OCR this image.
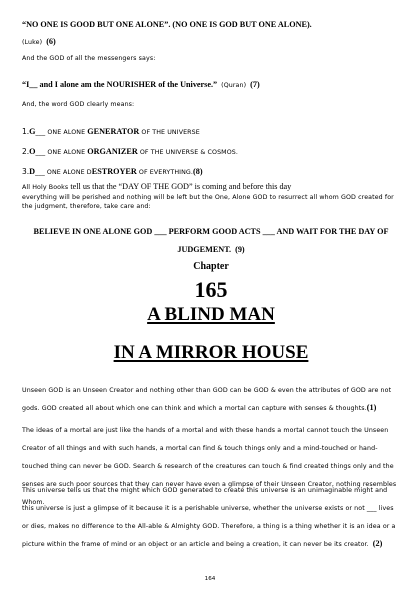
“NO ONE IS GOOD BUT ONE ALONE”. (NO ONE IS GOD BUT ONE ALONE).

(Luke) (6)

And the GOD of all the messengers says:
“I__ and I alone am the NOURISHER of the Universe.” (Quran) (7)
And, the word GOD clearly means:
1.G___ ONE ALONE GENERATOR OF THE UNIVERSE
2.O___ ONE ALONE ORGANIZER OF THE UNIVERSE & COSMOS.
3.D___ ONE ALONE DESTROYER OF EVERYTHING.(8)

All Holy Books tell us that the “DAY OF THE GOD” is coming and before this day

everything will be perished and nothing will be left but the One, Alone GOD to resurrect all whom GOD created for the judgment, therefore, take care and:

BELIEVE IN ONE ALONE GOD ___ PERFORM GOOD ACTS ___ AND WAIT FOR THE DAY OF JUDGEMENT. (9)
Chapter
165
A BLIND MAN
IN A MIRROR HOUSE

Unseen GOD is an Unseen Creator and nothing other than GOD can be GOD & even the attributes of GOD are not gods. GOD created all about which one can think and which a mortal can capture with senses & thoughts.(1)

The ideas of a mortal are just like the hands of a mortal and with these hands a mortal cannot touch the Unseen Creator of all things and with such hands, a mortal can find & touch things only and a mind-touched or hand-touched thing can never be GOD. Search & research of the creatures can touch & find created things only and the senses are such poor sources that they can never have even a glimpse of their Unseen Creator, nothing resembles Whom.

This universe tells us that the might which GOD generated to create this universe is an unimaginable might and this universe is just a glimpse of it because it is a perishable universe, whether the universe exists or not ___ lives or dies, makes no difference to the All-able & Almighty GOD. Therefore, a thing is a thing whether it is an idea or a picture within the frame of mind or an object or an article and being a creation, it can never be its creator. (2)

164
